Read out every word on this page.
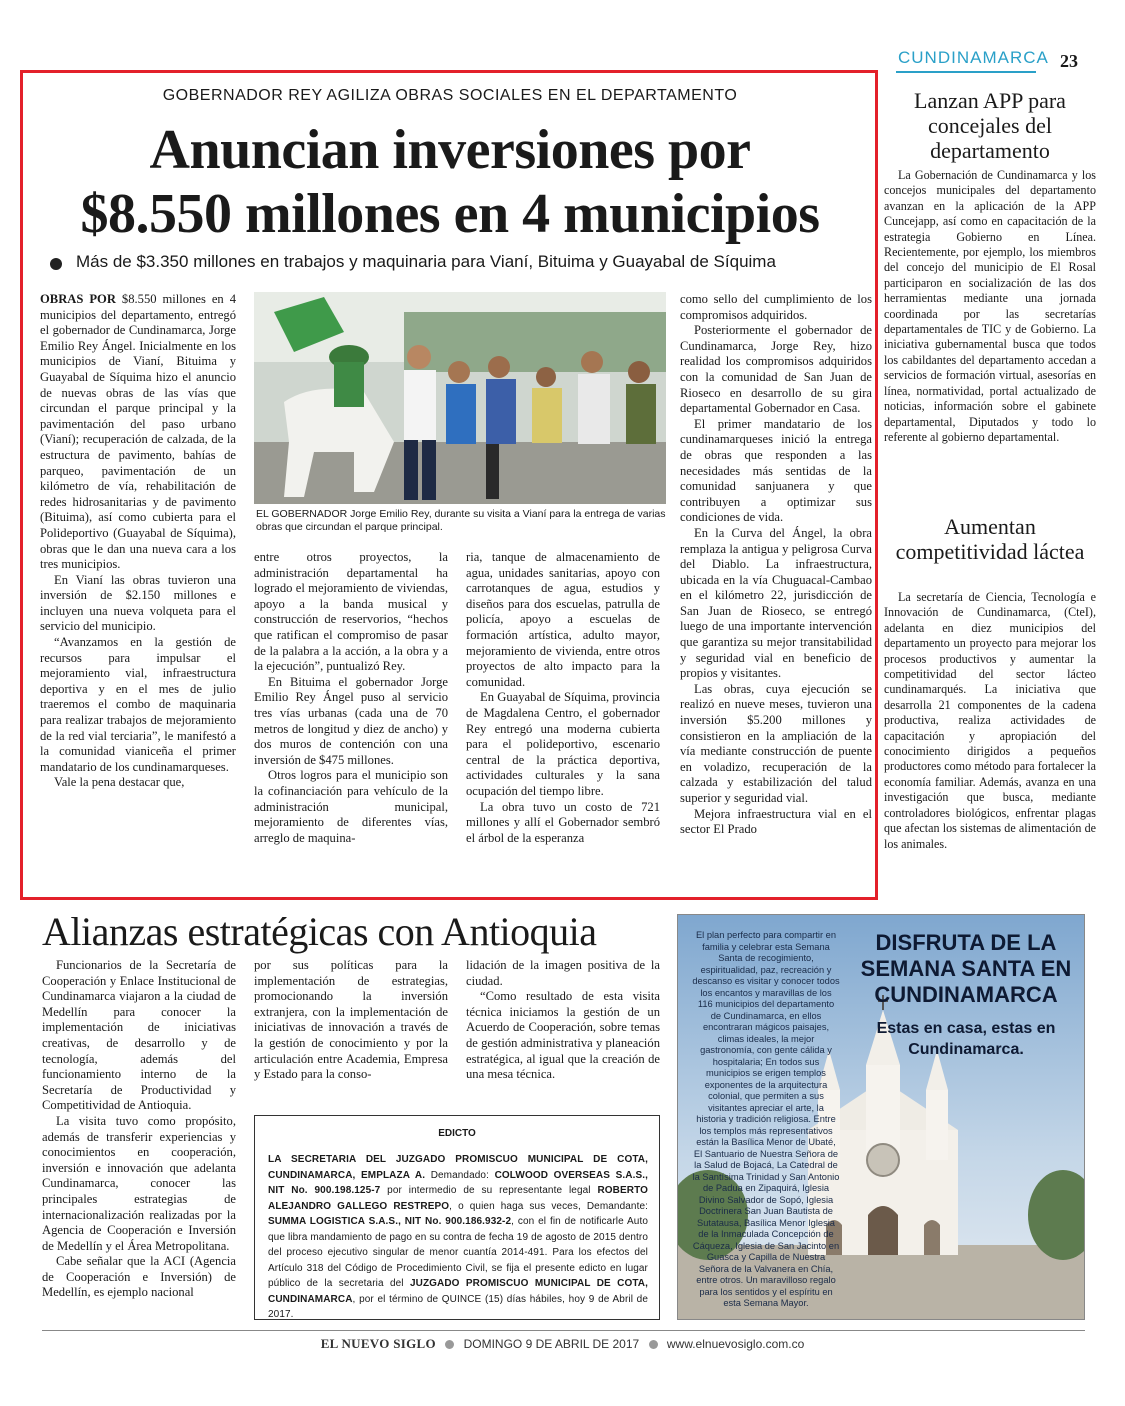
CUNDINAMARCA 23
GOBERNADOR REY AGILIZA OBRAS SOCIALES EN EL DEPARTAMENTO
Anuncian inversiones por
$8.550 millones en 4 municipios
Más de $3.350 millones en trabajos y maquinaria para Vianí, Bituima y Guayabal de Síquima
EL GOBERNADOR Jorge Emilio Rey, durante su visita a Vianí para la entrega de varias obras que circundan el parque principal.

OBRAS POR $8.550 millones en 4 municipios del departamento, entregó el gobernador de Cundinamarca, Jorge Emilio Rey Ángel. Inicialmente en los municipios de Vianí, Bituima y Guayabal de Síquima hizo el anuncio de nuevas obras de las vías que circundan el parque principal y la pavimentación del paso urbano (Vianí); recuperación de calzada, de la estructura de pavimento, bahías de parqueo, pavimentación de un kilómetro de vía, rehabilitación de redes hidrosanitarias y de pavimento (Bituima), así como cubierta para el Polideportivo (Guayabal de Síquima), obras que le dan una nueva cara a los tres municipios.

En Vianí las obras tuvieron una inversión de $2.150 millones e incluyen una nueva volqueta para el servicio del municipio.

“Avanzamos en la gestión de recursos para impulsar el mejoramiento vial, infraestructura deportiva y en el mes de julio traeremos el combo de maquinaria para realizar trabajos de mejoramiento de la red vial terciaria”, le manifestó a la comunidad vianiceña el primer mandatario de los cundinamarqueses.

Vale la pena destacar que,

entre otros proyectos, la administración departamental ha logrado el mejoramiento de viviendas, apoyo a la banda musical y construcción de reservorios, “hechos que ratifican el compromiso de pasar de la palabra a la acción, a la obra y a la ejecución”, puntualizó Rey.

En Bituima el gobernador Jorge Emilio Rey Ángel puso al servicio tres vías urbanas (cada una de 70 metros de longitud y diez de ancho) y dos muros de contención con una inversión de $475 millones.

Otros logros para el municipio son la cofinanciación para vehículo de la administración municipal, mejoramiento de diferentes vías, arreglo de maquina-

ria, tanque de almacenamiento de agua, unidades sanitarias, apoyo con carrotanques de agua, estudios y diseños para dos escuelas, patrulla de policía, apoyo a escuelas de formación artística, adulto mayor, mejoramiento de vivienda, entre otros proyectos de alto impacto para la comunidad.

En Guayabal de Síquima, provincia de Magdalena Centro, el gobernador Rey entregó una moderna cubierta para el polideportivo, escenario central de la práctica deportiva, actividades culturales y la sana ocupación del tiempo libre.

La obra tuvo un costo de 721 millones y allí el Gobernador sembró el árbol de la esperanza

como sello del cumplimiento de los compromisos adquiridos.

Posteriormente el gobernador de Cundinamarca, Jorge Rey, hizo realidad los compromisos adquiridos con la comunidad de San Juan de Rioseco en desarrollo de su gira departamental Gobernador en Casa.

El primer mandatario de los cundinamarqueses inició la entrega de obras que responden a las necesidades más sentidas de la comunidad sanjuanera y que contribuyen a optimizar sus condiciones de vida.

En la Curva del Ángel, la obra remplaza la antigua y peligrosa Curva del Diablo. La infraestructura, ubicada en la vía Chuguacal-Cambao en el kilómetro 22, jurisdicción de San Juan de Rioseco, se entregó luego de una importante intervención que garantiza su mejor transitabilidad y seguridad vial en beneficio de propios y visitantes.

Las obras, cuya ejecución se realizó en nueve meses, tuvieron una inversión $5.200 millones y consistieron en la ampliación de la vía mediante construcción de puente en voladizo, recuperación de la calzada y estabilización del talud superior y seguridad vial.

Mejora infraestructura vial en el sector El Prado

Lanzan APP para concejales del departamento

La Gobernación de Cundinamarca y los concejos municipales del departamento avanzan en la aplicación de la APP Cuncejapp, así como en capacitación de la estrategia Gobierno en Línea. Recientemente, por ejemplo, los miembros del concejo del municipio de El Rosal participaron en socialización de las dos herramientas mediante una jornada coordinada por las secretarías departamentales de TIC y de Gobierno. La iniciativa gubernamental busca que todos los cabildantes del departamento accedan a servicios de formación virtual, asesorías en línea, normatividad, portal actualizado de noticias, información sobre el gabinete departamental, Diputados y todo lo referente al gobierno departamental.

Aumentan competitividad láctea

La secretaría de Ciencia, Tecnología e Innovación de Cundinamarca, (CteI), adelanta en diez municipios del departamento un proyecto para mejorar los procesos productivos y aumentar la competitividad del sector lácteo cundinamarqués. La iniciativa que desarrolla 21 componentes de la cadena productiva, realiza actividades de capacitación y apropiación del conocimiento dirigidos a pequeños productores como método para fortalecer la economía familiar. Además, avanza en una investigación que busca, mediante controladores biológicos, enfrentar plagas que afectan los sistemas de alimentación de los animales.

Alianzas estratégicas con Antioquia

Funcionarios de la Secretaría de Cooperación y Enlace Institucional de Cundinamarca viajaron a la ciudad de Medellín para conocer la implementación de iniciativas creativas, de desarrollo y de tecnología, además del funcionamiento interno de la Secretaría de Productividad y Competitividad de Antioquia.

La visita tuvo como propósito, además de transferir experiencias y conocimientos en cooperación, inversión e innovación que adelanta Cundinamarca, conocer las principales estrategias de internacionalización realizadas por la Agencia de Cooperación e Inversión de Medellín y el Área Metropolitana.

Cabe señalar que la ACI (Agencia de Cooperación e Inversión) de Medellín, es ejemplo nacional

por sus políticas para la implementación de estrategias, promocionando la inversión extranjera, con la implementación de iniciativas de innovación a través de la gestión de conocimiento y por la articulación entre Academia, Empresa y Estado para la conso-

lidación de la imagen positiva de la ciudad.

“Como resultado de esta visita técnica iniciamos la gestión de un Acuerdo de Cooperación, sobre temas de gestión administrativa y planeación estratégica, al igual que la creación de una mesa técnica.

EDICTO
LA SECRETARIA DEL JUZGADO PROMISCUO MUNICIPAL DE COTA, CUNDINAMARCA, EMPLAZA A. Demandado: COLWOOD OVERSEAS S.A.S., NIT No. 900.198.125-7 por intermedio de su representante legal ROBERTO ALEJANDRO GALLEGO RESTREPO, o quien haga sus veces, Demandante: SUMMA LOGISTICA S.A.S., NIT No. 900.186.932-2, con el fin de notificarle Auto que libra mandamiento de pago en su contra de fecha 19 de agosto de 2015 dentro del proceso ejecutivo singular de menor cuantía 2014-491. Para los efectos del Artículo 318 del Código de Procedimiento Civil, se fija el presente edicto en lugar público de la secretaria del JUZGADO PROMISCUO MUNICIPAL DE COTA, CUNDINAMARCA, por el término de QUINCE (15) días hábiles, hoy 9 de Abril de 2017.
El plan perfecto para compartir en familia y celebrar esta Semana Santa de recogimiento, espiritualidad, paz, recreación y descanso es visitar y conocer todos los encantos y maravillas de los 116 municipios del departamento de Cundinamarca, en ellos encontraran mágicos paisajes, climas ideales, la mejor gastronomía, con gente cálida y hospitalaria; En todos sus municipios se erigen templos exponentes de la arquitectura colonial, que permiten a sus visitantes apreciar el arte, la historia y tradición religiosa. Entre los templos más representativos están la Basílica Menor de Ubaté, El Santuario de Nuestra Señora de la Salud de Bojacá, La Catedral de la Santísima Trinidad y San Antonio de Padua en Zipaquirá, Iglesia Divino Salvador de Sopó, Iglesia Doctrinera San Juan Bautista de Sutatausa, Basílica Menor Iglesia de la Inmaculada Concepción de Cáqueza, Iglesia de San Jacinto en Guasca y Capilla de Nuestra Señora de la Valvanera en Chía, entre otros. Un maravilloso regalo para los sentidos y el espíritu en esta Semana Mayor.
DISFRUTA DE LA SEMANA SANTA EN CUNDINAMARCA
Estas en casa, estas en Cundinamarca.
EL NUEVO SIGLO DOMINGO 9 DE ABRIL DE 2017 www.elnuevosiglo.com.co
